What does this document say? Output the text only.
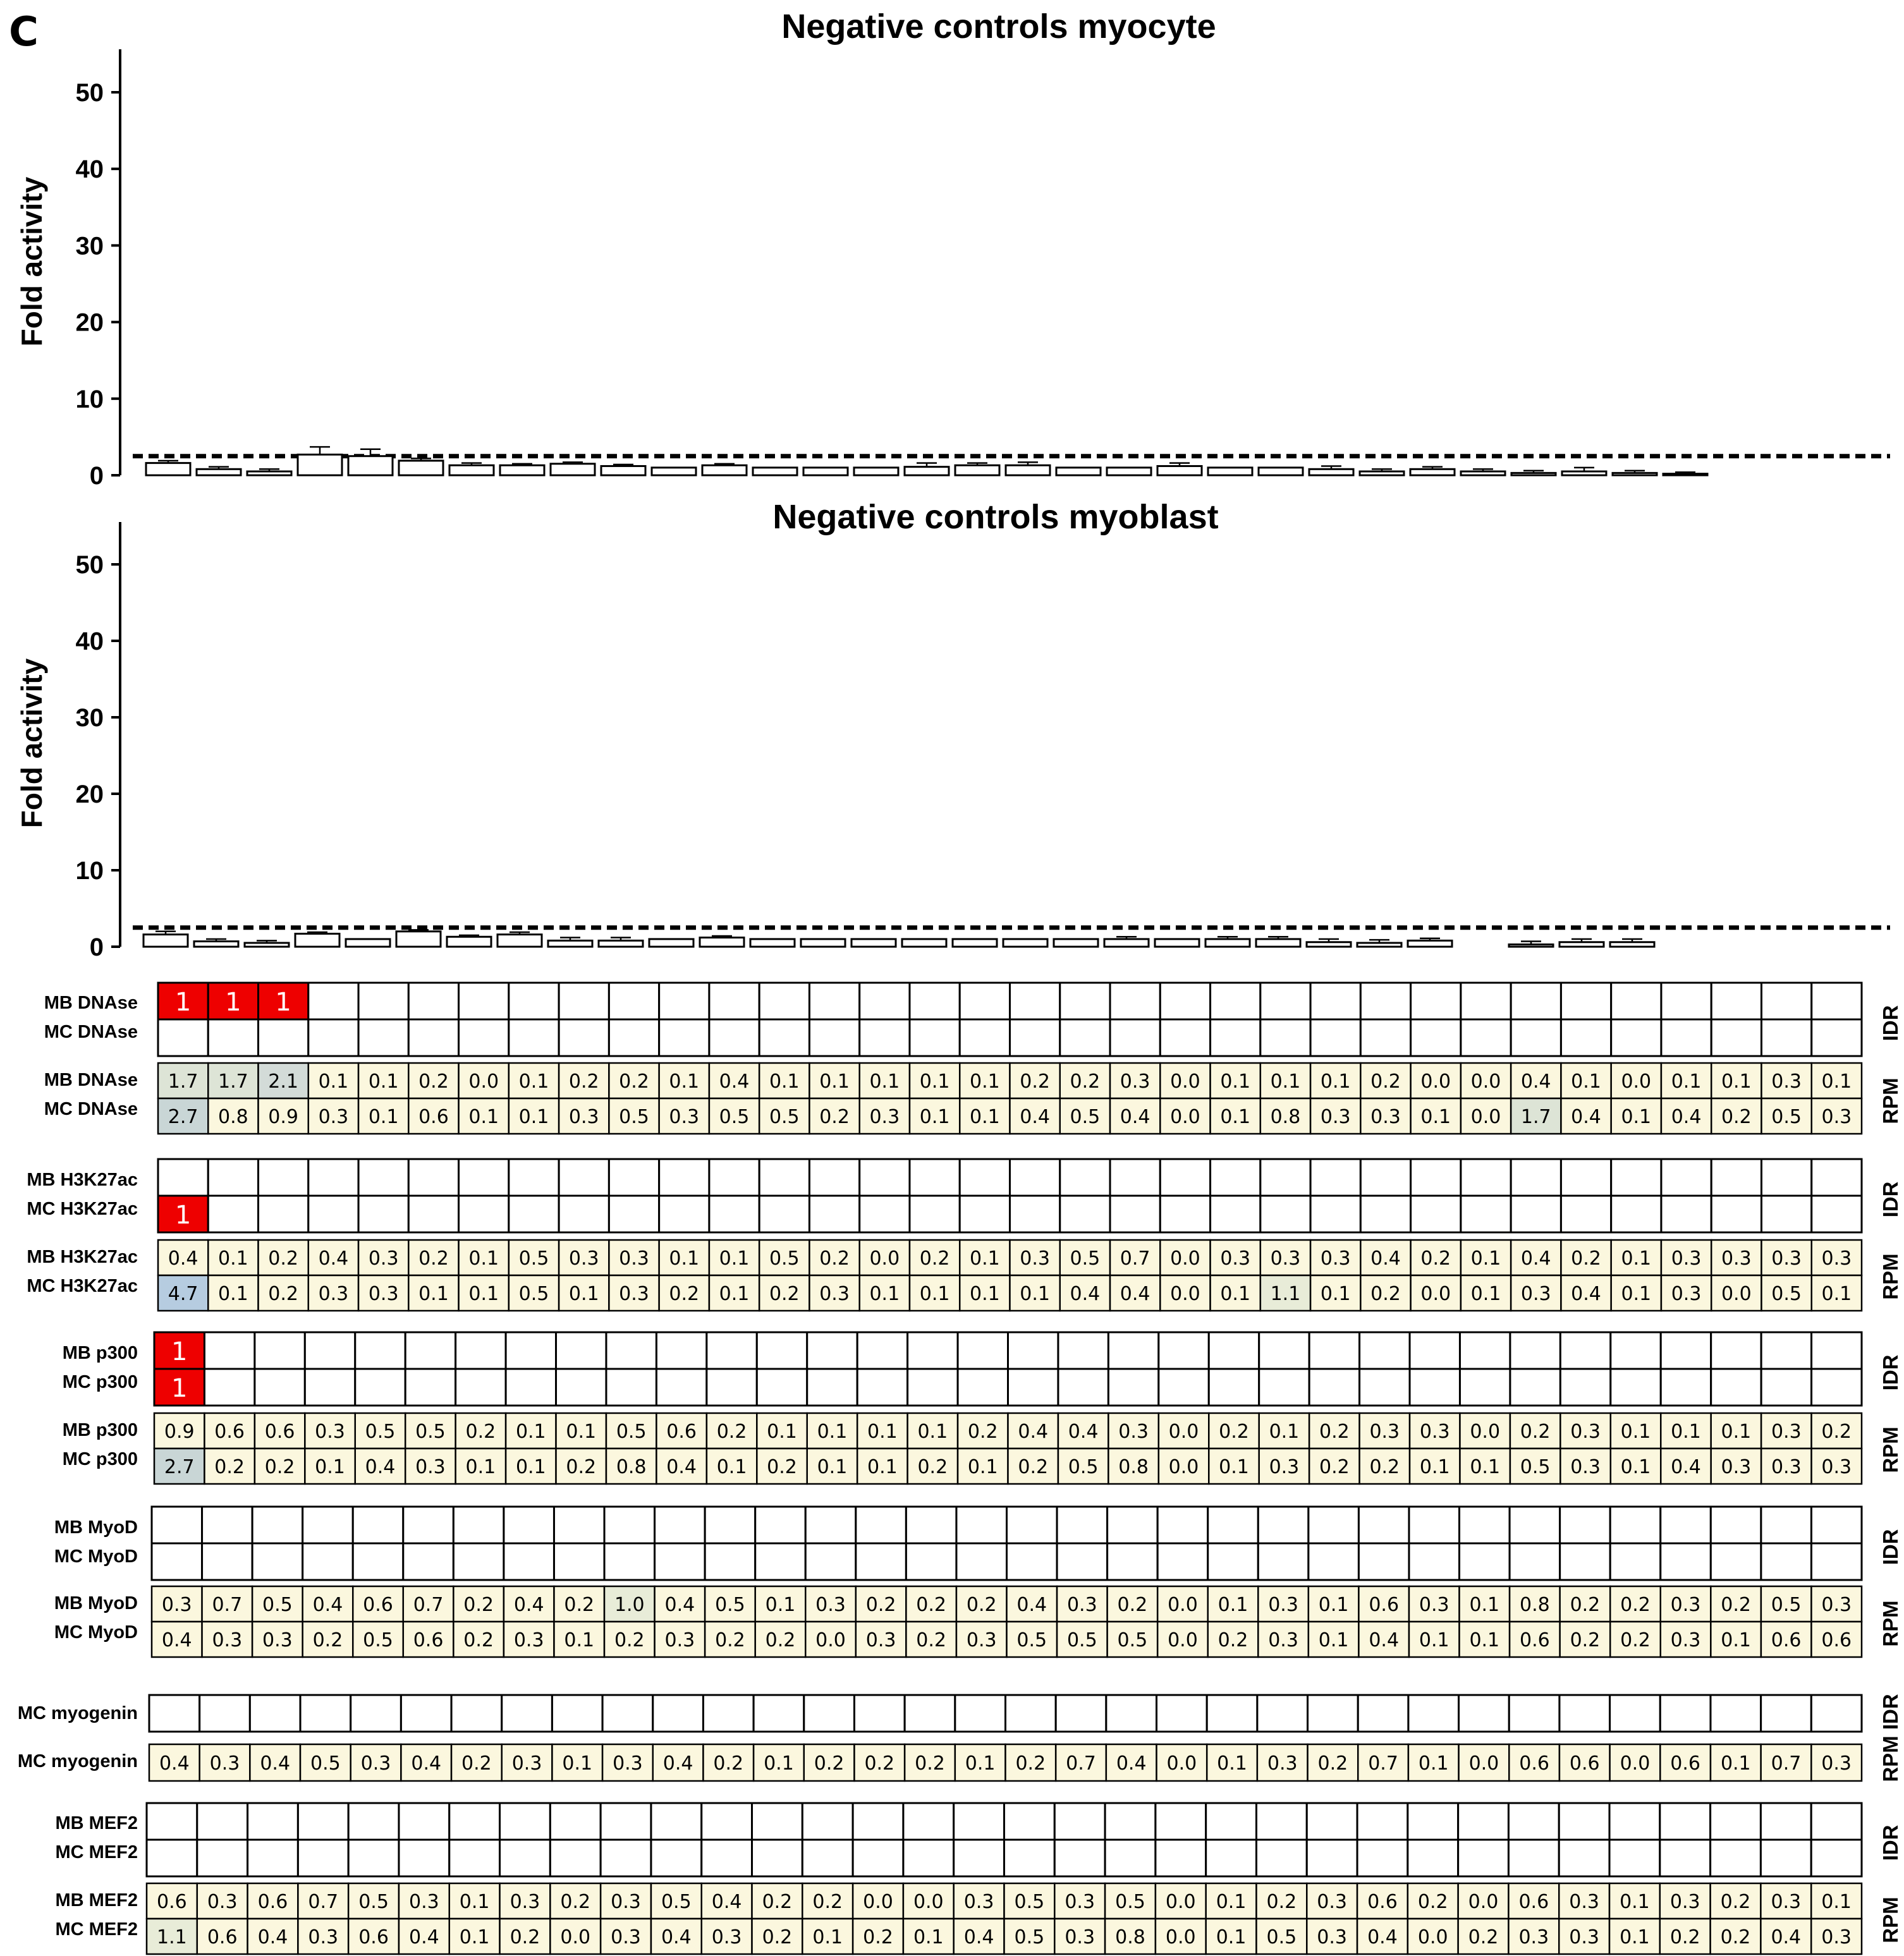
C	Negative controls myocyte
Fold activity
0
10
20
30
40
50
Negative controls myoblast
Fold activity
0
10
20
30
40
50
1 1 1
MB DNAse
MC DNAse
1.7 1.7 2.1 0.1 0.1 0.2 0.0 0.1 0.2 0.2 0.1 0.4 0.1 0.1 0.1 0.1 0.1 0.2 0.2 0.3 0.0 0.1 0.1 0.1 0.2 0.0 0.0 0.4 0.1 0.0 0.1 0.1 0.3 0.1
MB DNAse
2.7 0.8 0.9 0.3 0.1 0.6 0.1 0.1 0.3 0.5 0.3 0.5 0.5 0.2 0.3 0.1 0.1 0.4 0.5 0.4 0.0 0.1 0.8 0.3 0.3 0.1 0.0 1.7 0.4 0.1 0.4 0.2 0.5 0.3
MC DNAse
IDR
RPM
MB H3K27ac
1
MC H3K27ac
0.4 0.1 0.2 0.4 0.3 0.2 0.1 0.5 0.3 0.3 0.1 0.1 0.5 0.2 0.0 0.2 0.1 0.3 0.5 0.7 0.0 0.3 0.3 0.3 0.4 0.2 0.1 0.4 0.2 0.1 0.3 0.3 0.3 0.3
MB H3K27ac
4.7 0.1 0.2 0.3 0.3 0.1 0.1 0.5 0.1 0.3 0.2 0.1 0.2 0.3 0.1 0.1 0.1 0.1 0.4 0.4 0.0 0.1 1.1 0.1 0.2 0.0 0.1 0.3 0.4 0.1 0.3 0.0 0.5 0.1
MC H3K27ac
IDR
RPM
1
MB p300
1
MC p300
0.9 0.6 0.6 0.3 0.5 0.5 0.2 0.1 0.1 0.5 0.6 0.2 0.1 0.1 0.1 0.1 0.2 0.4 0.4 0.3 0.0 0.2 0.1 0.2 0.3 0.3 0.0 0.2 0.3 0.1 0.1 0.1 0.3 0.2
MB p300
2.7 0.2 0.2 0.1 0.4 0.3 0.1 0.1 0.2 0.8 0.4 0.1 0.2 0.1 0.1 0.2 0.1 0.2 0.5 0.8 0.0 0.1 0.3 0.2 0.2 0.1 0.1 0.5 0.3 0.1 0.4 0.3 0.3 0.3
MC p300
IDR
RPM
MB MyoD
MC MyoD
0.3 0.7 0.5 0.4 0.6 0.7 0.2 0.4 0.2 1.0 0.4 0.5 0.1 0.3 0.2 0.2 0.2 0.4 0.3 0.2 0.0 0.1 0.3 0.1 0.6 0.3 0.1 0.8 0.2 0.2 0.3 0.2 0.5 0.3
MB MyoD
0.4 0.3 0.3 0.2 0.5 0.6 0.2 0.3 0.1 0.2 0.3 0.2 0.2 0.0 0.3 0.2 0.3 0.5 0.5 0.5 0.0 0.2 0.3 0.1 0.4 0.1 0.1 0.6 0.2 0.2 0.3 0.1 0.6 0.6
MC MyoD
IDR
RPM
MC myogenin
0.4 0.3 0.4 0.5 0.3 0.4 0.2 0.3 0.1 0.3 0.4 0.2 0.1 0.2 0.2 0.2 0.1 0.2 0.7 0.4 0.0 0.1 0.3 0.2 0.7 0.1 0.0 0.6 0.6 0.0 0.6 0.1 0.7 0.3
MC myogenin	RPM IDR
MB MEF2
MC MEF2
0.6 0.3 0.6 0.7 0.5 0.3 0.1 0.3 0.2 0.3 0.5 0.4 0.2 0.2 0.0 0.0 0.3 0.5 0.3 0.5 0.0 0.1 0.2 0.3 0.6 0.2 0.0 0.6 0.3 0.1 0.3 0.2 0.3 0.1
MB MEF2
1.1 0.6 0.4 0.3 0.6 0.4 0.1 0.2 0.0 0.3 0.4 0.3 0.2 0.1 0.2 0.1 0.4 0.5 0.3 0.8 0.0 0.1 0.5 0.3 0.4 0.0 0.2 0.3 0.3 0.1 0.2 0.2 0.4 0.3
MC MEF2
IDR
RPM
